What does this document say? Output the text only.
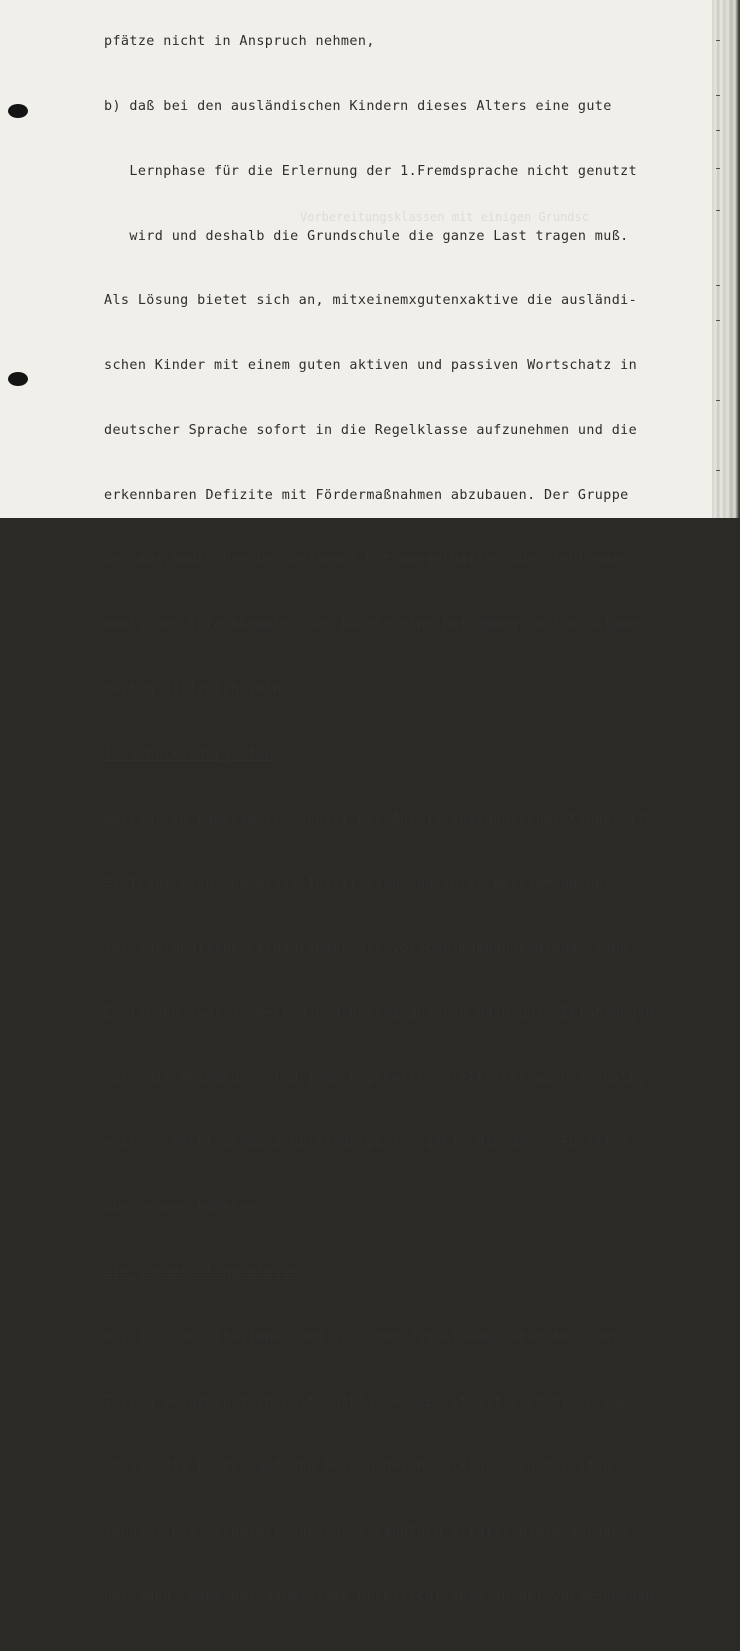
Vorbereitungsklassen mit einigen Grundsc

pfätze nicht in Anspruch nehmen,

b) daß bei den ausländischen Kindern dieses Alters eine gute

Lernphase für die Erlernung der 1.Fremdsprache nicht genutzt

wird und deshalb die Grundschule die ganze Last tragen muß.

Als Lösung bietet sich an, mitxeinemxgutenxaktive die ausländi-

schen Kinder mit einem guten aktiven und passiven Wortschatz in

deutscher Sprache sofort in die Regelklasse aufzunehmen und die

erkennbaren Defizite mit Fördermaßnahmen abzubauen. Der Gruppe

der ausländischen Lernanfänger mit mangelhaften oder fehlenden

deutschen Sprachkenntnissen könnte eine Betreuung im Schulkinder-

garten hilfreich sein.

Im Schulkindergarten

beträgt im Landesdurchschnitt der Anteil ausländischer Kinder 17%.

Es fragt sich, ob diese Institution von ihrer Bestimmung her

für ausländische Lernanfänger als Vorschulmaßnahme dienen kann.

Es liegen zwar in Herten und Recklinghausen dazu gute Erfahrungen

vor, die Meinungen sind jedoch geteilt, vielleicht auch deshalb,

weil es nicht genug Schulkindergärten gibt, die diese Funktion

übernehmen könnten.

Die Vorbereitungsklasse

Nur 25 % der Italiener und 2o % der Jugoslawen, aber 8o % der

Türken besuchen Vorbereitungsklassen. Es stellt sich die Frage,

ob sie die Kinder auf den Besuch der Regelklasse vorbereiten

können. Die Vorbereitungsklasse Langform erfüllt diese Aufgabe

nur dann, wenn der gemeinsame Unterricht auch in der vorgesehenen
